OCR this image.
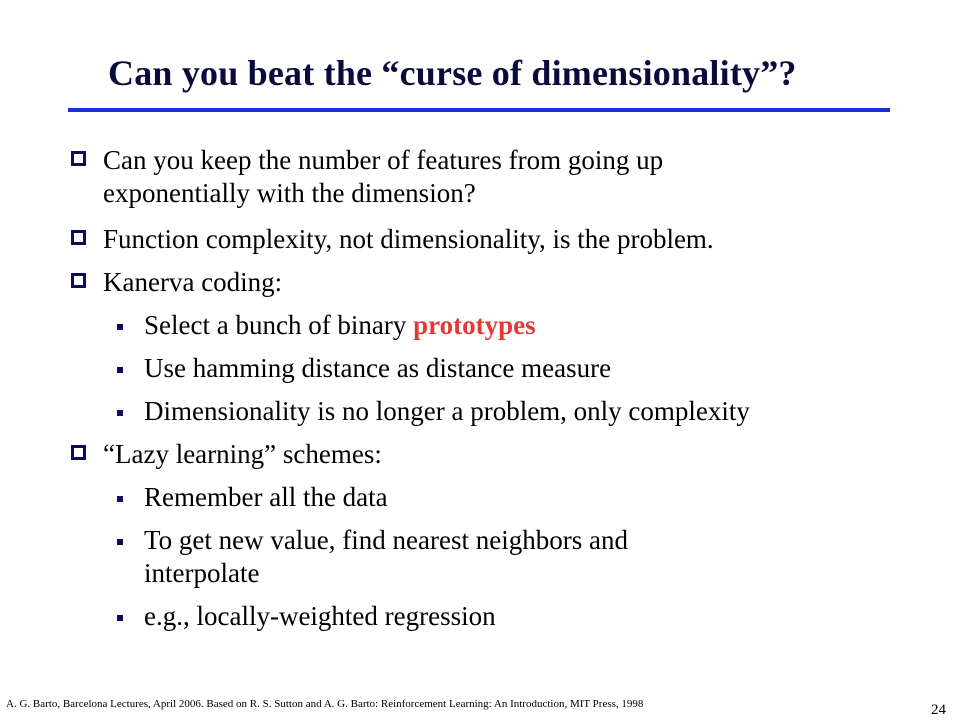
Can you beat the “curse of dimensionality”?
Can you keep the number of features from going up
exponentially with the dimension?
Function complexity, not dimensionality, is the problem.
Kanerva coding:
Select a bunch of binary prototypes
Use hamming distance as distance measure
Dimensionality is no longer a problem, only complexity
“Lazy learning” schemes:
Remember all the data
To get new value, find nearest neighbors and
interpolate
e.g., locally-weighted regression
A. G. Barto, Barcelona Lectures, April 2006. Based on R. S. Sutton and A. G. Barto: Reinforcement Learning: An Introduction, MIT Press, 1998	24
